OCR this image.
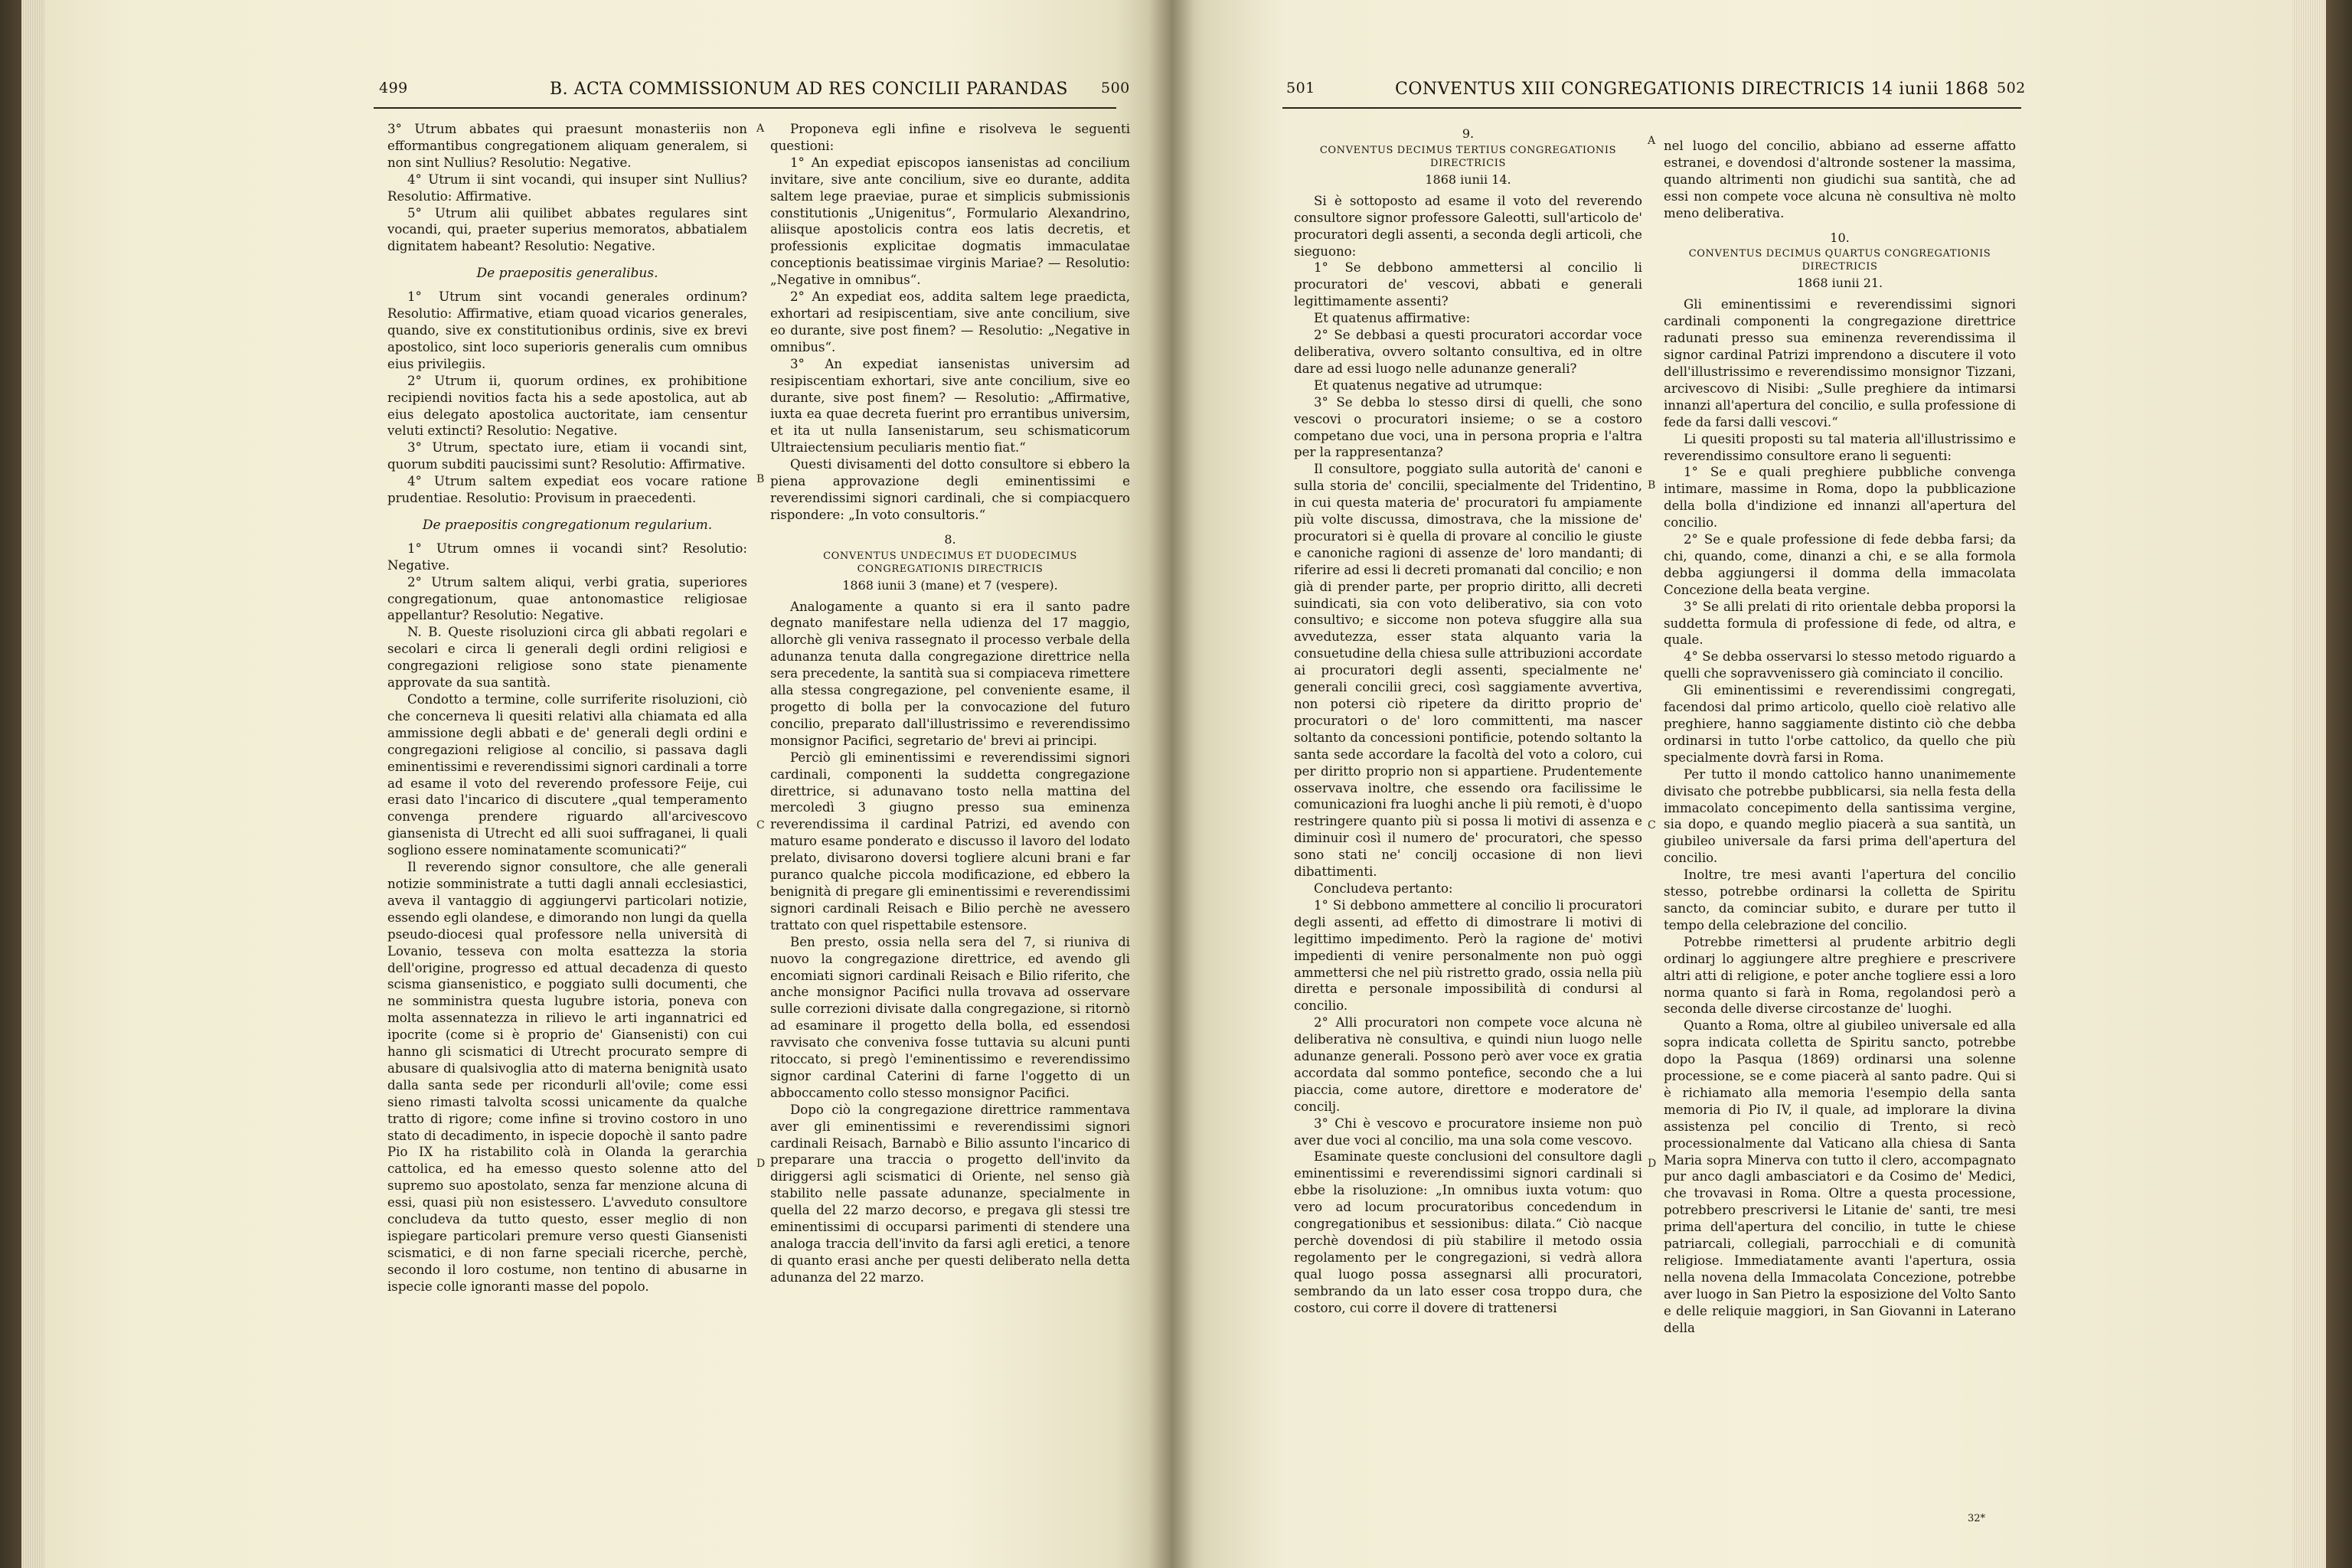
499	B. ACTA COMMISSIONUM AD RES CONCILII PARANDAS 500

3° Utrum abbates qui praesunt monasteriis non efformantibus congregationem aliquam generalem, si non sint Nullius? Resolutio: Negative.

4° Utrum ii sint vocandi, qui insuper sint Nullius? Resolutio: Affirmative.

5° Utrum alii quilibet abbates regulares sint vocandi, qui, praeter superius memoratos, abbatialem dignitatem habeant? Resolutio: Negative.

De praepositis generalibus.

1° Utrum sint vocandi generales ordinum? Resolutio: Affirmative, etiam quoad vicarios generales, quando, sive ex constitutionibus ordinis, sive ex brevi apostolico, sint loco superioris generalis cum omnibus eius privilegiis.

2° Utrum ii, quorum ordines, ex prohibitione recipiendi novitios facta his a sede apostolica, aut ab eius delegato apostolica auctoritate, iam censentur veluti extincti? Resolutio: Negative.

3° Utrum, spectato iure, etiam ii vocandi sint, quorum subditi paucissimi sunt? Resolutio: Affirmative.

4° Utrum saltem expediat eos vocare ratione prudentiae. Resolutio: Provisum in praecedenti.

De praepositis congregationum regularium.

1° Utrum omnes ii vocandi sint? Resolutio: Negative.

2° Utrum saltem aliqui, verbi gratia, superiores congregationum, quae antonomastice religiosae appellantur? Resolutio: Negative.

N. B. Queste risoluzioni circa gli abbati regolari e secolari e circa li generali degli ordini religiosi e congregazioni religiose sono state pienamente approvate da sua santità.

Condotto a termine, colle surriferite risoluzioni, ciò che concerneva li quesiti relativi alla chiamata ed alla ammissione degli abbati e de' generali degli ordini e congregazioni religiose al concilio, si passava dagli eminentissimi e reverendissimi signori cardinali a torre ad esame il voto del reverendo professore Feije, cui erasi dato l'incarico di discutere „qual temperamento convenga prendere riguardo all'arcivescovo giansenista di Utrecht ed alli suoi suffraganei, li quali sogliono essere nominatamente scomunicati?“

Il reverendo signor consultore, che alle generali notizie somministrate a tutti dagli annali ecclesiastici, aveva il vantaggio di aggiungervi particolari notizie, essendo egli olandese, e dimorando non lungi da quella pseudo-diocesi qual professore nella università di Lovanio, tesseva con molta esattezza la storia dell'origine, progresso ed attual decadenza di questo scisma giansenistico, e poggiato sulli documenti, che ne somministra questa lugubre istoria, poneva con molta assennatezza in rilievo le arti ingannatrici ed ipocrite (come si è proprio de' Giansenisti) con cui hanno gli scismatici di Utrecht procurato sempre di abusare di qualsivoglia atto di materna benignità usato dalla santa sede per ricondurli all'ovile; come essi sieno rimasti talvolta scossi unicamente da qualche tratto di rigore; come infine si trovino costoro in uno stato di decadimento, in ispecie dopochè il santo padre Pio IX ha ristabilito colà in Olanda la gerarchia cattolica, ed ha emesso questo solenne atto del supremo suo apostolato, senza far menzione alcuna di essi, quasi più non esistessero. L'avveduto consultore concludeva da tutto questo, esser meglio di non ispiegare particolari premure verso questi Giansenisti scismatici, e di non farne speciali ricerche, perchè, secondo il loro costume, non tentino di abusarne in ispecie colle ignoranti masse del popolo.

Proponeva egli infine e risolveva le seguenti questioni:

1° An expediat episcopos iansenistas ad concilium invitare, sive ante concilium, sive eo durante, addita saltem lege praeviae, purae et simplicis submissionis constitutionis „Unigenitus“, Formulario Alexandrino, aliisque apostolicis contra eos latis decretis, et professionis explicitae dogmatis immaculatae conceptionis beatissimae virginis Mariae? — Resolutio: „Negative in omnibus“.

2° An expediat eos, addita saltem lege praedicta, exhortari ad resipiscentiam, sive ante concilium, sive eo durante, sive post finem? — Resolutio: „Negative in omnibus“.

3° An expediat iansenistas universim ad resipiscentiam exhortari, sive ante concilium, sive eo durante, sive post finem? — Resolutio: „Affirmative, iuxta ea quae decreta fuerint pro errantibus universim, et ita ut nulla Iansenistarum, seu schismaticorum Ultraiectensium peculiaris mentio fiat.“

Questi divisamenti del dotto consultore si ebbero la piena approvazione degli eminentissimi e reverendissimi signori cardinali, che si compiacquero rispondere: „In voto consultoris.“

8.
CONVENTUS UNDECIMUS ET DUODECIMUS CONGREGATIONIS DIRECTRICIS
1868 iunii 3 (mane) et 7 (vespere).

Analogamente a quanto si era il santo padre degnato manifestare nella udienza del 17 maggio, allorchè gli veniva rassegnato il processo verbale della adunanza tenuta dalla congregazione direttrice nella sera precedente, la santità sua si compiaceva rimettere alla stessa congregazione, pel conveniente esame, il progetto di bolla per la convocazione del futuro concilio, preparato dall'illustrissimo e reverendissimo monsignor Pacifici, segretario de' brevi ai principi.

Perciò gli eminentissimi e reverendissimi signori cardinali, componenti la suddetta congregazione direttrice, si adunavano tosto nella mattina del mercoledì 3 giugno presso sua eminenza reverendissima il cardinal Patrizi, ed avendo con maturo esame ponderato e discusso il lavoro del lodato prelato, divisarono doversi togliere alcuni brani e far puranco qualche piccola modificazione, ed ebbero la benignità di pregare gli eminentissimi e reverendissimi signori cardinali Reisach e Bilio perchè ne avessero trattato con quel rispettabile estensore.

Ben presto, ossia nella sera del 7, si riuniva di nuovo la congregazione direttrice, ed avendo gli encomiati signori cardinali Reisach e Bilio riferito, che anche monsignor Pacifici nulla trovava ad osservare sulle correzioni divisate dalla congregazione, si ritornò ad esaminare il progetto della bolla, ed essendosi ravvisato che conveniva fosse tuttavia su alcuni punti ritoccato, si pregò l'eminentissimo e reverendissimo signor cardinal Caterini di farne l'oggetto di un abboccamento collo stesso monsignor Pacifici.

Dopo ciò la congregazione direttrice rammentava aver gli eminentissimi e reverendissimi signori cardinali Reisach, Barnabò e Bilio assunto l'incarico di preparare una traccia o progetto dell'invito da diriggersi agli scismatici di Oriente, nel senso già stabilito nelle passate adunanze, specialmente in quella del 22 marzo decorso, e pregava gli stessi tre eminentissimi di occuparsi parimenti di stendere una analoga traccia dell'invito da farsi agli eretici, a tenore di quanto erasi anche per questi deliberato nella detta adunanza del 22 marzo.

A
B
C
D
501	CONVENTUS XIII CONGREGATIONIS DIRECTRICIS 14 iunii 1868 502
9.
CONVENTUS DECIMUS TERTIUS CONGREGATIONIS DIRECTRICIS
1868 iunii 14.

Si è sottoposto ad esame il voto del reverendo consultore signor professore Galeotti, sull'articolo de' procuratori degli assenti, a seconda degli articoli, che sieguono:

1° Se debbono ammettersi al concilio li procuratori de' vescovi, abbati e generali legittimamente assenti?

Et quatenus affirmative:

2° Se debbasi a questi procuratori accordar voce deliberativa, ovvero soltanto consultiva, ed in oltre dare ad essi luogo nelle adunanze generali?

Et quatenus negative ad utrumque:

3° Se debba lo stesso dirsi di quelli, che sono vescovi o procuratori insieme; o se a costoro competano due voci, una in persona propria e l'altra per la rappresentanza?

Il consultore, poggiato sulla autorità de' canoni e sulla storia de' concilii, specialmente del Tridentino, in cui questa materia de' procuratori fu ampiamente più volte discussa, dimostrava, che la missione de' procuratori si è quella di provare al concilio le giuste e canoniche ragioni di assenze de' loro mandanti; di riferire ad essi li decreti promanati dal concilio; e non già di prender parte, per proprio diritto, alli decreti suindicati, sia con voto deliberativo, sia con voto consultivo; e siccome non poteva sfuggire alla sua avvedutezza, esser stata alquanto varia la consuetudine della chiesa sulle attribuzioni accordate ai procuratori degli assenti, specialmente ne' generali concilii greci, così saggiamente avvertiva, non potersi ciò ripetere da diritto proprio de' procuratori o de' loro committenti, ma nascer soltanto da concessioni pontificie, potendo soltanto la santa sede accordare la facoltà del voto a coloro, cui per diritto proprio non si appartiene. Prudentemente osservava inoltre, che essendo ora facilissime le comunicazioni fra luoghi anche li più remoti, è d'uopo restringere quanto più si possa li motivi di assenza e diminuir così il numero de' procuratori, che spesso sono stati ne' concilj occasione di non lievi dibattimenti.

Concludeva pertanto:

1° Si debbono ammettere al concilio li procuratori degli assenti, ad effetto di dimostrare li motivi di legittimo impedimento. Però la ragione de' motivi impedienti di venire personalmente non può oggi ammettersi che nel più ristretto grado, ossia nella più diretta e personale impossibilità di condursi al concilio.

2° Alli procuratori non compete voce alcuna nè deliberativa nè consultiva, e quindi niun luogo nelle adunanze generali. Possono però aver voce ex gratia accordata dal sommo pontefice, secondo che a lui piaccia, come autore, direttore e moderatore de' concilj.

3° Chi è vescovo e procuratore insieme non può aver due voci al concilio, ma una sola come vescovo.

Esaminate queste conclusioni del consultore dagli eminentissimi e reverendissimi signori cardinali si ebbe la risoluzione: „In omnibus iuxta votum: quo vero ad locum procuratoribus concedendum in congregationibus et sessionibus: dilata.“ Ciò nacque perchè dovendosi di più stabilire il metodo ossia regolamento per le congregazioni, si vedrà allora qual luogo possa assegnarsi alli procuratori, sembrando da un lato esser cosa troppo dura, che costoro, cui corre il dovere di trattenersi

nel luogo del concilio, abbiano ad esserne affatto estranei, e dovendosi d'altronde sostener la massima, quando altrimenti non giudichi sua santità, che ad essi non compete voce alcuna nè consultiva nè molto meno deliberativa.

10.
CONVENTUS DECIMUS QUARTUS CONGREGATIONIS DIRECTRICIS
1868 iunii 21.

Gli eminentissimi e reverendissimi signori cardinali componenti la congregazione direttrice radunati presso sua eminenza reverendissima il signor cardinal Patrizi imprendono a discutere il voto dell'illustrissimo e reverendissimo monsignor Tizzani, arcivescovo di Nisibi: „Sulle preghiere da intimarsi innanzi all'apertura del concilio, e sulla professione di fede da farsi dalli vescovi.“

Li quesiti proposti su tal materia all'illustrissimo e reverendissimo consultore erano li seguenti:

1° Se e quali preghiere pubbliche convenga intimare, massime in Roma, dopo la pubblicazione della bolla d'indizione ed innanzi all'apertura del concilio.

2° Se e quale professione di fede debba farsi; da chi, quando, come, dinanzi a chi, e se alla formola debba aggiungersi il domma della immacolata Concezione della beata vergine.

3° Se alli prelati di rito orientale debba proporsi la suddetta formula di professione di fede, od altra, e quale.

4° Se debba osservarsi lo stesso metodo riguardo a quelli che sopravvenissero già cominciato il concilio.

Gli eminentissimi e reverendissimi congregati, facendosi dal primo articolo, quello cioè relativo alle preghiere, hanno saggiamente distinto ciò che debba ordinarsi in tutto l'orbe cattolico, da quello che più specialmente dovrà farsi in Roma.

Per tutto il mondo cattolico hanno unanimemente divisato che potrebbe pubblicarsi, sia nella festa della immacolato concepimento della santissima vergine, sia dopo, e quando meglio piacerà a sua santità, un giubileo universale da farsi prima dell'apertura del concilio.

Inoltre, tre mesi avanti l'apertura del concilio stesso, potrebbe ordinarsi la colletta de Spiritu sancto, da cominciar subito, e durare per tutto il tempo della celebrazione del concilio.

Potrebbe rimettersi al prudente arbitrio degli ordinarj lo aggiungere altre preghiere e prescrivere altri atti di religione, e poter anche togliere essi a loro norma quanto si farà in Roma, regolandosi però a seconda delle diverse circostanze de' luoghi.

Quanto a Roma, oltre al giubileo universale ed alla sopra indicata colletta de Spiritu sancto, potrebbe dopo la Pasqua (1869) ordinarsi una solenne processione, se e come piacerà al santo padre. Qui si è richiamato alla memoria l'esempio della santa memoria di Pio IV, il quale, ad implorare la divina assistenza pel concilio di Trento, si recò processionalmente dal Vaticano alla chiesa di Santa Maria sopra Minerva con tutto il clero, accompagnato pur anco dagli ambasciatori e da Cosimo de' Medici, che trovavasi in Roma. Oltre a questa processione, potrebbero prescriversi le Litanie de' santi, tre mesi prima dell'apertura del concilio, in tutte le chiese patriarcali, collegiali, parrocchiali e di comunità religiose. Immediatamente avanti l'apertura, ossia nella novena della Immacolata Concezione, potrebbe aver luogo in San Pietro la esposizione del Volto Santo e delle reliquie maggiori, in San Giovanni in Laterano della

A
B
C
D
32*
